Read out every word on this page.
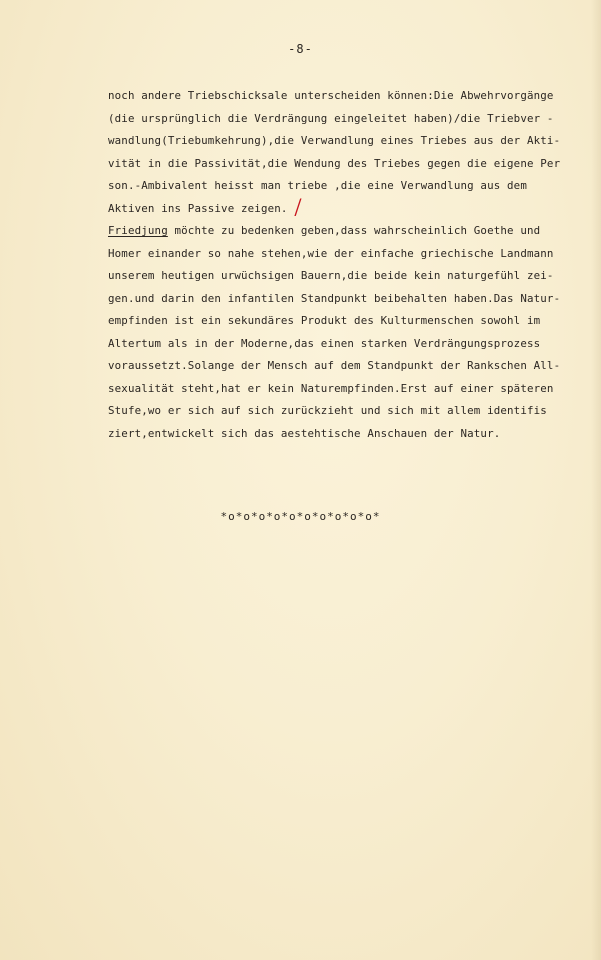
-8-
noch andere Triebschicksale unterscheiden können:Die Abwehrvorgänge
(die ursprünglich die Verdrängung eingeleitet haben)/die Triebver -
wandlung(Triebumkehrung),die Verwandlung eines Triebes aus der Akti-
vität in die Passivität,die Wendung des Triebes gegen die eigene Per
son.-Ambivalent heisst man triebe ,die eine Verwandlung aus dem
Aktiven ins Passive zeigen. /
Friedjung möchte zu bedenken geben,dass wahrscheinlich Goethe und
Homer einander so nahe stehen,wie der einfache griechische Landmann
unserem heutigen urwüchsigen Bauern,die beide kein naturgefühl zei-
gen.und darin den infantilen Standpunkt beibehalten haben.Das Natur-
empfinden ist ein sekundäres Produkt des Kulturmenschen sowohl im
Altertum als in der Moderne,das einen starken Verdrängungsprozess
voraussetzt.Solange der Mensch auf dem Standpunkt der Rankschen All-
sexualität steht,hat er kein Naturempfinden.Erst auf einer späteren
Stufe,wo er sich auf sich zurückzieht und sich mit allem identifis
ziert,entwickelt sich das aestehtische Anschauen der Natur.
*o*o*o*o*o*o*o*o*o*o*
